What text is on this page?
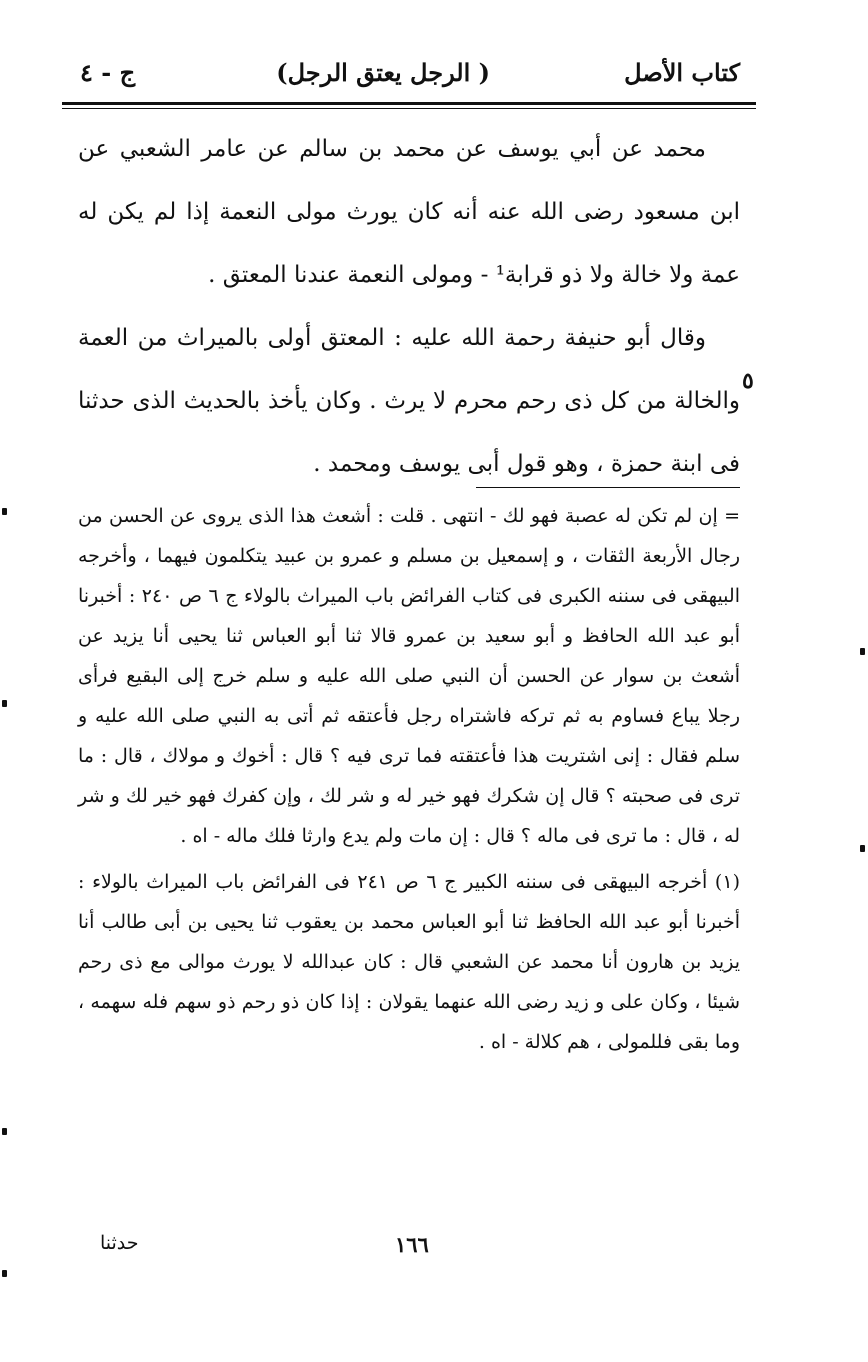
كتاب الأصل
( الرجل يعتق الرجل)
ج - ٤

محمد عن أبي يوسف عن محمد بن سالم عن عامر الشعبي عن ابن مسعود رضى الله عنه أنه كان يورث مولى النعمة إذا لم يكن له عمة ولا خالة ولا ذو قرابة¹ - ومولى النعمة عندنا المعتق .

وقال أبو حنيفة رحمة الله عليه : المعتق أولى بالميراث من العمة والخالة من كل ذى رحم محرم لا يرث . وكان يأخذ بالحديث الذى حدثنا فى ابنة حمزة ، وهو قول أبى يوسف ومحمد .

٥

= إن لم تكن له عصبة فهو لك - انتهى . قلت : أشعث هذا الذى يروى عن الحسن من رجال الأربعة الثقات ، و إسمعيل بن مسلم و عمرو بن عبيد يتكلمون فيهما ، وأخرجه البيهقى فى سننه الكبرى فى كتاب الفرائض باب الميراث بالولاء ج ٦ ص ٢٤٠ : أخبرنا أبو عبد الله الحافظ و أبو سعيد بن عمرو قالا ثنا أبو العباس ثنا يحيى أنا يزيد عن أشعث بن سوار عن الحسن أن النبي صلى الله عليه و سلم خرج إلى البقيع فرأى رجلا يباع فساوم به ثم تركه فاشتراه رجل فأعتقه ثم أتى به النبي صلى الله عليه و سلم فقال : إنى اشتريت هذا فأعتقته فما ترى فيه ؟ قال : أخوك و مولاك ، قال : ما ترى فى صحبته ؟ قال إن شكرك فهو خير له و شر لك ، وإن كفرك فهو خير لك و شر له ، قال : ما ترى فى ماله ؟ قال : إن مات ولم يدع وارثا فلك ماله - اه .

(١) أخرجه البيهقى فى سننه الكبير ج ٦ ص ٢٤١ فى الفرائض باب الميراث بالولاء : أخبرنا أبو عبد الله الحافظ ثنا أبو العباس محمد بن يعقوب ثنا يحيى بن أبى طالب أنا يزيد بن هارون أنا محمد عن الشعبي قال : كان عبدالله لا يورث موالى مع ذى رحم شيئا ، وكان على و زيد رضى الله عنهما يقولان : إذا كان ذو رحم ذو سهم فله سهمه ، وما بقى فللمولى ، هم كلالة - اه .

١٦٦
حدثنا
